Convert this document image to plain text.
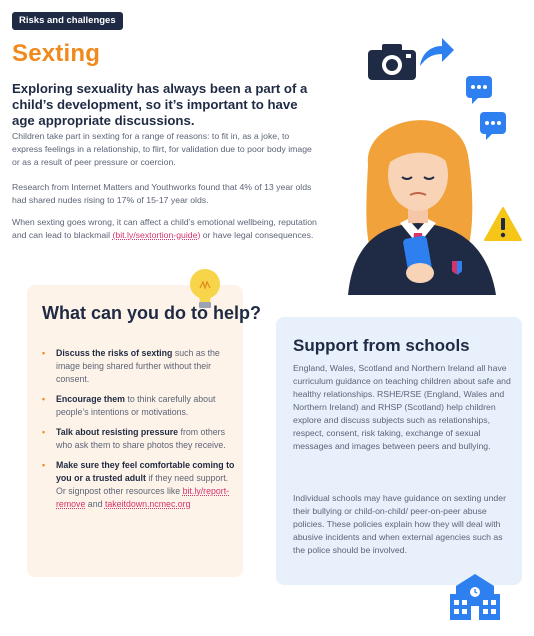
Risks and challenges
Sexting

Exploring sexuality has always been a part of a child’s development, so it’s important to have age appropriate discussions.

Children take part in sexting for a range of reasons: to fit in, as a joke, to express feelings in a relationship, to flirt, for validation due to poor body image or as a result of peer pressure or coercion.

Research from Internet Matters and Youthworks found that 4% of 13 year olds had shared nudes rising to 17% of 15-17 year olds.

When sexting goes wrong, it can affect a child’s emotional wellbeing, reputation and can lead to blackmail (bit.ly/sextortion-guide) or have legal consequences.

What can you do to help?
• Discuss the risks of sexting such as the image being shared further without their consent.
• Encourage them to think carefully about people’s intentions or motivations.
• Talk about resisting pressure from others who ask them to share photos they receive.
• Make sure they feel comfortable coming to you or a trusted adult if they need support. Or signpost other resources like bit.ly/report-remove and takeitdown.ncmec.org
Support from schools

England, Wales, Scotland and Northern Ireland all have curriculum guidance on teaching children about safe and healthy relationships. RSHE/RSE (England, Wales and Northern Ireland) and RHSP (Scotland) help children explore and discuss subjects such as relationships, respect, consent, risk taking, exchange of sexual messages and images between peers and bullying.

Individual schools may have guidance on sexting under their bullying or child-on-child/ peer-on-peer abuse policies. These policies explain how they will deal with abusive incidents and when external agencies such as the police should be involved.
